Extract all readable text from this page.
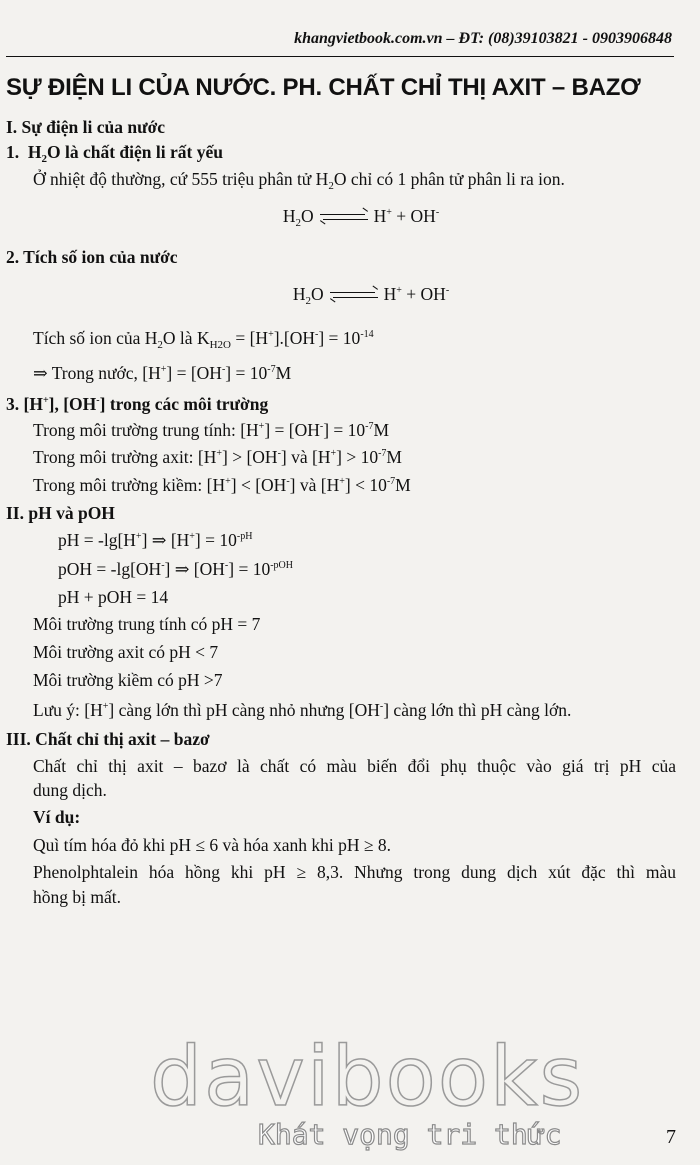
khangvietbook.com.vn – ĐT: (08)39103821 - 0903906848
SỰ ĐIỆN LI CỦA NƯỚC. PH. CHẤT CHỈ THỊ AXIT – BAZƠ
I. Sự điện li của nước
1. $H_2O$ là chất điện li rất yếu
Ở nhiệt độ thường, cứ 555 triệu phân tử $H_2O$ chỉ có 1 phân tử phân li ra ion.
$H_2O \to H^+ + OH^-$
2. Tích số ion của nước
$H_2O \to H^+ + OH^-$
Tích số ion của $H_2O$ là $K_{H2O} = [H^+].[OH^-] = 10^{-14}$
⇒ Trong nước, $[H^+] = [OH^-] = 10^{-7}M$
3. [H+], [OH-] trong các môi trường
Trong môi trường trung tính: $[H^+] = [OH^-] = 10^{-7}M$
Trong môi trường axit: [H+] > [OH-] và $[H^+] > 10^{-7}M$
Trong môi trường kiềm: [H+] < [OH-] và $[H^+] < 10^{-7}M$
II. pH và pOH
pH = -lg[H+] ⇒ $[H^+] = 10^{-pH}$
pOH = -lg[OH-] ⇒ $[OH^-] = 10^{-pOH}$
pH + pOH = 14
Môi trường trung tính có pH = 7
Môi trường axit có pH < 7
Môi trường kiềm có pH >7
Lưu ý: [H+] càng lớn thì pH càng nhỏ nhưng [OH-] càng lớn thì pH càng lớn.
III. Chất chỉ thị axit – bazơ
Chất chỉ thị axit – bazơ là chất có màu biến đổi phụ thuộc vào giá trị pH của
dung dịch.
Ví dụ:
Quì tím hóa đỏ khi pH ≤ 6 và hóa xanh khi pH ≥ 8.
Phenolphtalein hóa hồng khi pH ≥ 8,3. Nhưng trong dung dịch xút đặc thì màu
hồng bị mất.
davibooks
Khát vọng tri thức	7
